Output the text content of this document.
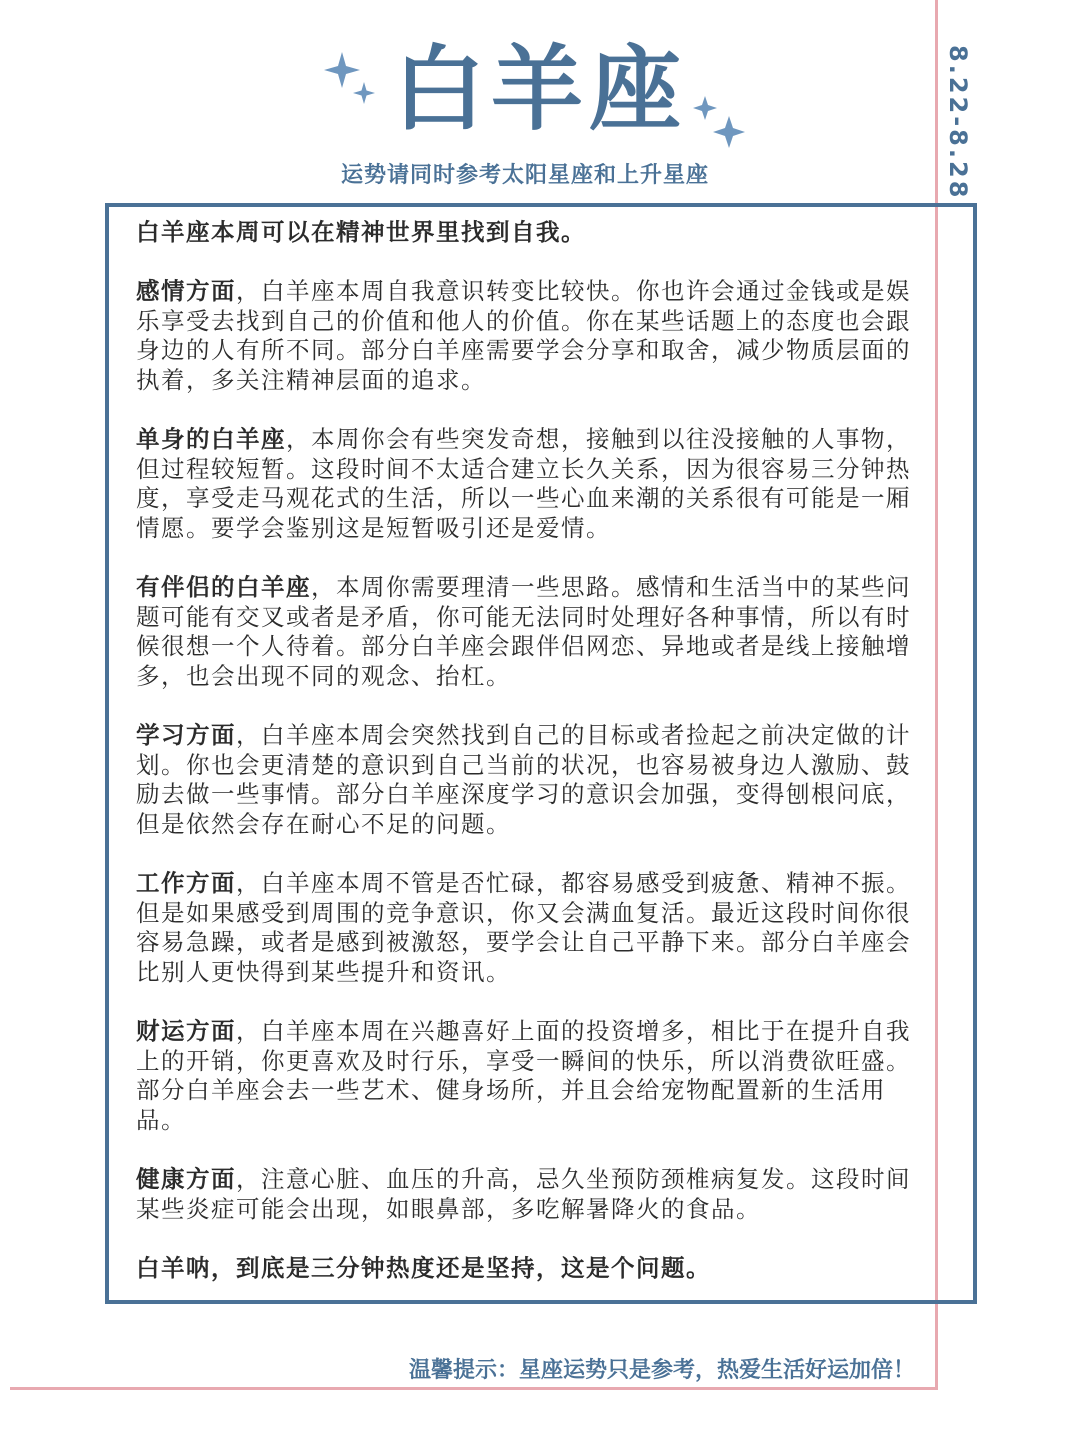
白羊座
运势请同时参考太阳星座和上升星座	8.22-8.28

白羊座本周可以在精神世界里找到自我。

感情方面，白羊座本周自我意识转变比较快。你也许会通过金钱或是娱乐享受去找到自己的价值和他人的价值。你在某些话题上的态度也会跟身边的人有所不同。部分白羊座需要学会分享和取舍，减少物质层面的执着，多关注精神层面的追求。

单身的白羊座，本周你会有些突发奇想，接触到以往没接触的人事物，但过程较短暂。这段时间不太适合建立长久关系，因为很容易三分钟热度，享受走马观花式的生活，所以一些心血来潮的关系很有可能是一厢情愿。要学会鉴别这是短暂吸引还是爱情。

有伴侣的白羊座，本周你需要理清一些思路。感情和生活当中的某些问题可能有交叉或者是矛盾，你可能无法同时处理好各种事情，所以有时候很想一个人待着。部分白羊座会跟伴侣网恋、异地或者是线上接触增多，也会出现不同的观念、抬杠。

学习方面，白羊座本周会突然找到自己的目标或者捡起之前决定做的计划。你也会更清楚的意识到自己当前的状况，也容易被身边人激励、鼓励去做一些事情。部分白羊座深度学习的意识会加强，变得刨根问底，但是依然会存在耐心不足的问题。

工作方面，白羊座本周不管是否忙碌，都容易感受到疲惫、精神不振。但是如果感受到周围的竞争意识，你又会满血复活。最近这段时间你很容易急躁，或者是感到被激怒，要学会让自己平静下来。部分白羊座会比别人更快得到某些提升和资讯。

财运方面，白羊座本周在兴趣喜好上面的投资增多，相比于在提升自我上的开销，你更喜欢及时行乐，享受一瞬间的快乐，所以消费欲旺盛。部分白羊座会去一些艺术、健身场所，并且会给宠物配置新的生活用品。

健康方面，注意心脏、血压的升高，忌久坐预防颈椎病复发。这段时间某些炎症可能会出现，如眼鼻部，多吃解暑降火的食品。

白羊呐，到底是三分钟热度还是坚持，这是个问题。

温馨提示：星座运势只是参考，热爱生活好运加倍！
